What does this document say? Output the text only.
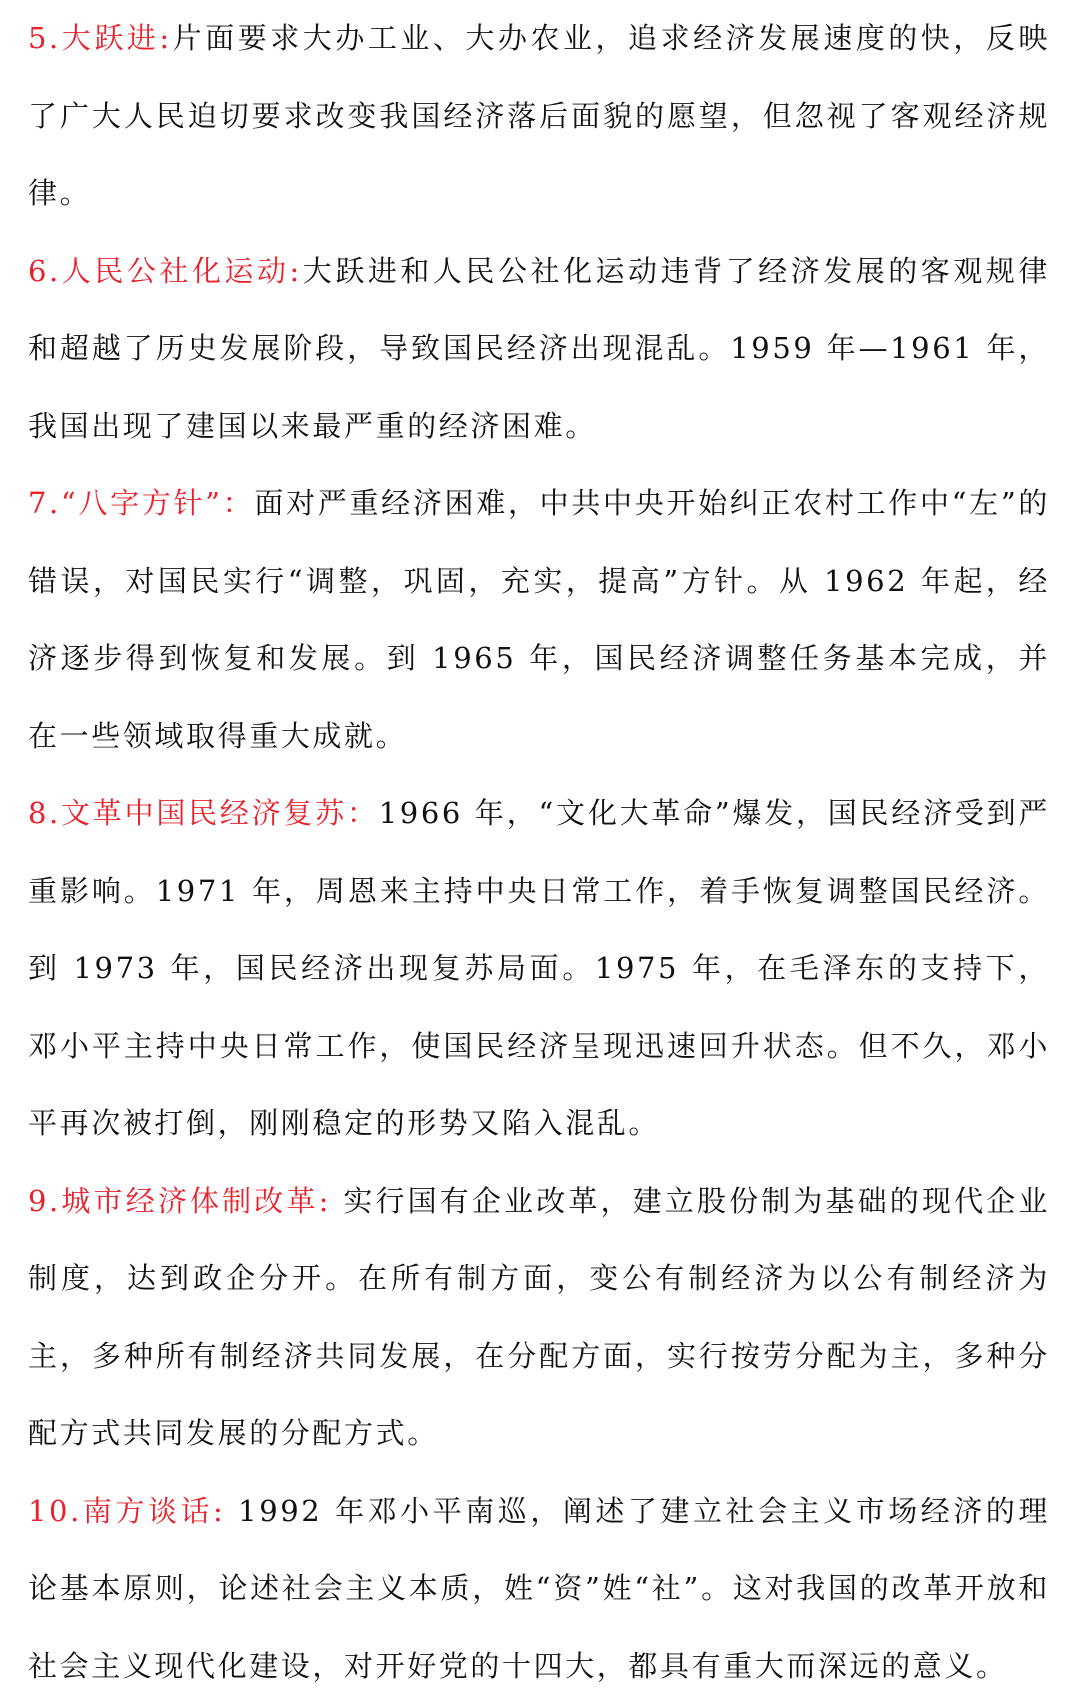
5.大跃进:片面要求大办工业、大办农业，追求经济发展速度的快，反映了广大人民迫切要求改变我国经济落后面貌的愿望，但忽视了客观经济规律。

6.人民公社化运动:大跃进和人民公社化运动违背了经济发展的客观规律和超越了历史发展阶段，导致国民经济出现混乱。1959 年—1961 年，我国出现了建国以来最严重的经济困难。

7.“八字方针”：面对严重经济困难，中共中央开始纠正农村工作中“左”的错误，对国民实行“调整，巩固，充实，提高”方针。从 1962 年起，经济逐步得到恢复和发展。到 1965 年，国民经济调整任务基本完成，并在一些领域取得重大成就。

8.文革中国民经济复苏：1966 年，“文化大革命”爆发，国民经济受到严重影响。1971 年，周恩来主持中央日常工作，着手恢复调整国民经济。到 1973 年，国民经济出现复苏局面。1975 年，在毛泽东的支持下，邓小平主持中央日常工作，使国民经济呈现迅速回升状态。但不久，邓小平再次被打倒，刚刚稳定的形势又陷入混乱。

9.城市经济体制改革: 实行国有企业改革，建立股份制为基础的现代企业制度，达到政企分开。在所有制方面，变公有制经济为以公有制经济为主，多种所有制经济共同发展，在分配方面，实行按劳分配为主，多种分配方式共同发展的分配方式。

10.南方谈话: 1992 年邓小平南巡，阐述了建立社会主义市场经济的理论基本原则，论述社会主义本质，姓“资”姓“社”。这对我国的改革开放和社会主义现代化建设，对开好党的十四大，都具有重大而深远的意义。
